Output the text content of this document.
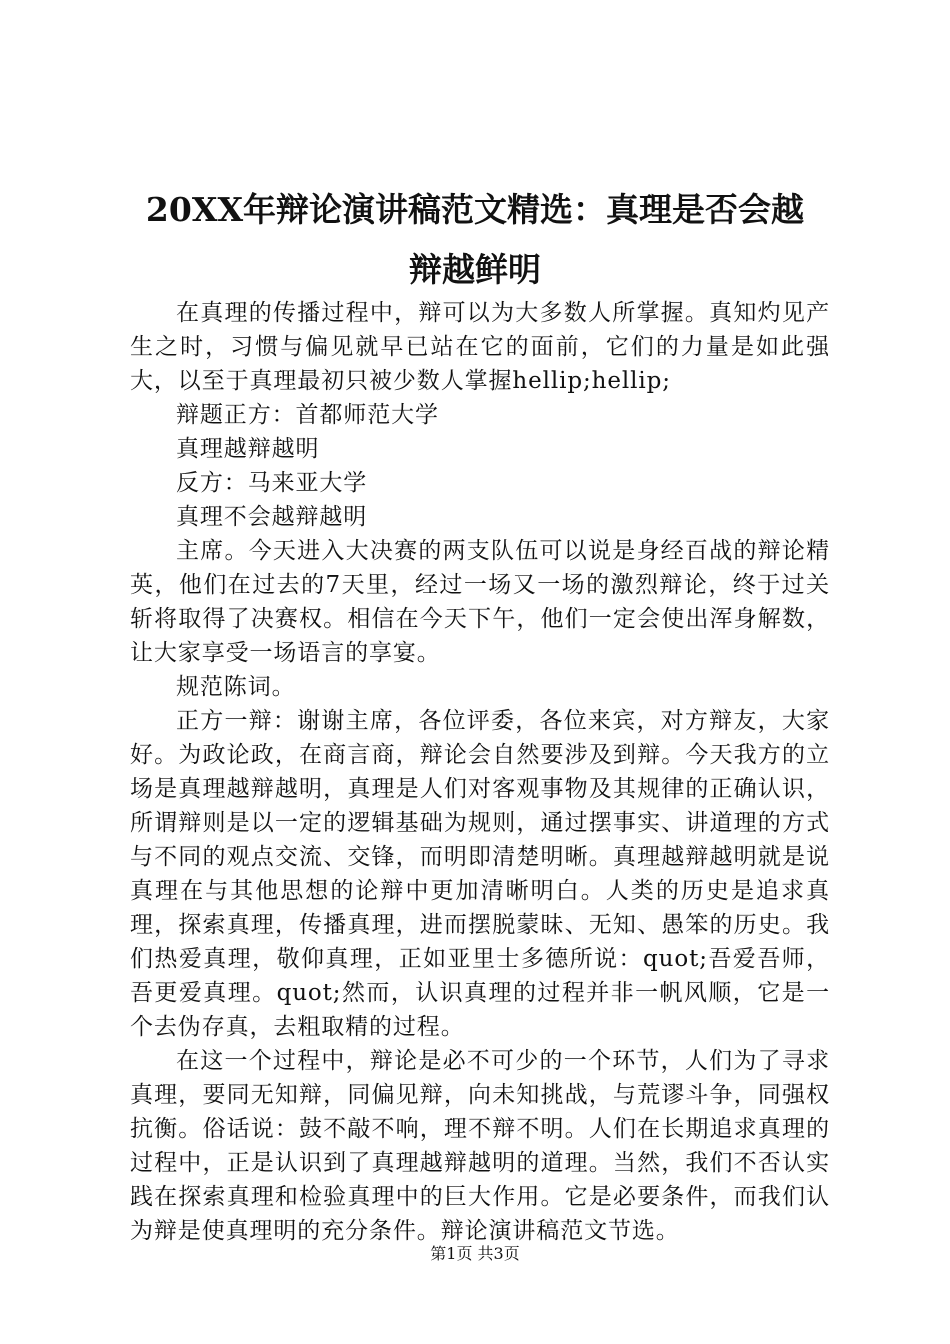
20XX年辩论演讲稿范文精选：真理是否会越
辩越鲜明

在真理的传播过程中，辩可以为大多数人所掌握。真知灼见产生之时，习惯与偏见就早已站在它的面前，它们的力量是如此强大，以至于真理最初只被少数人掌握hellip;hellip;

辩题正方：首都师范大学

真理越辩越明

反方：马来亚大学

真理不会越辩越明

主席。今天进入大决赛的两支队伍可以说是身经百战的辩论精英，他们在过去的7天里，经过一场又一场的激烈辩论，终于过关斩将取得了决赛权。相信在今天下午，他们一定会使出浑身解数，让大家享受一场语言的享宴。

规范陈词。

正方一辩：谢谢主席，各位评委，各位来宾，对方辩友，大家好。为政论政，在商言商，辩论会自然要涉及到辩。今天我方的立场是真理越辩越明，真理是人们对客观事物及其规律的正确认识，所谓辩则是以一定的逻辑基础为规则，通过摆事实、讲道理的方式与不同的观点交流、交锋，而明即清楚明晰。真理越辩越明就是说真理在与其他思想的论辩中更加清晰明白。人类的历史是追求真理，探索真理，传播真理，进而摆脱蒙昧、无知、愚笨的历史。我们热爱真理，敬仰真理，正如亚里士多德所说：quot;吾爱吾师，吾更爱真理。quot;然而，认识真理的过程并非一帆风顺，它是一个去伪存真，去粗取精的过程。

在这一个过程中，辩论是必不可少的一个环节，人们为了寻求真理，要同无知辩，同偏见辩，向未知挑战，与荒谬斗争，同强权抗衡。俗话说：鼓不敲不响，理不辩不明。人们在长期追求真理的过程中，正是认识到了真理越辩越明的道理。当然，我们不否认实践在探索真理和检验真理中的巨大作用。它是必要条件，而我们认为辩是使真理明的充分条件。辩论演讲稿范文节选。

第1页 共3页
